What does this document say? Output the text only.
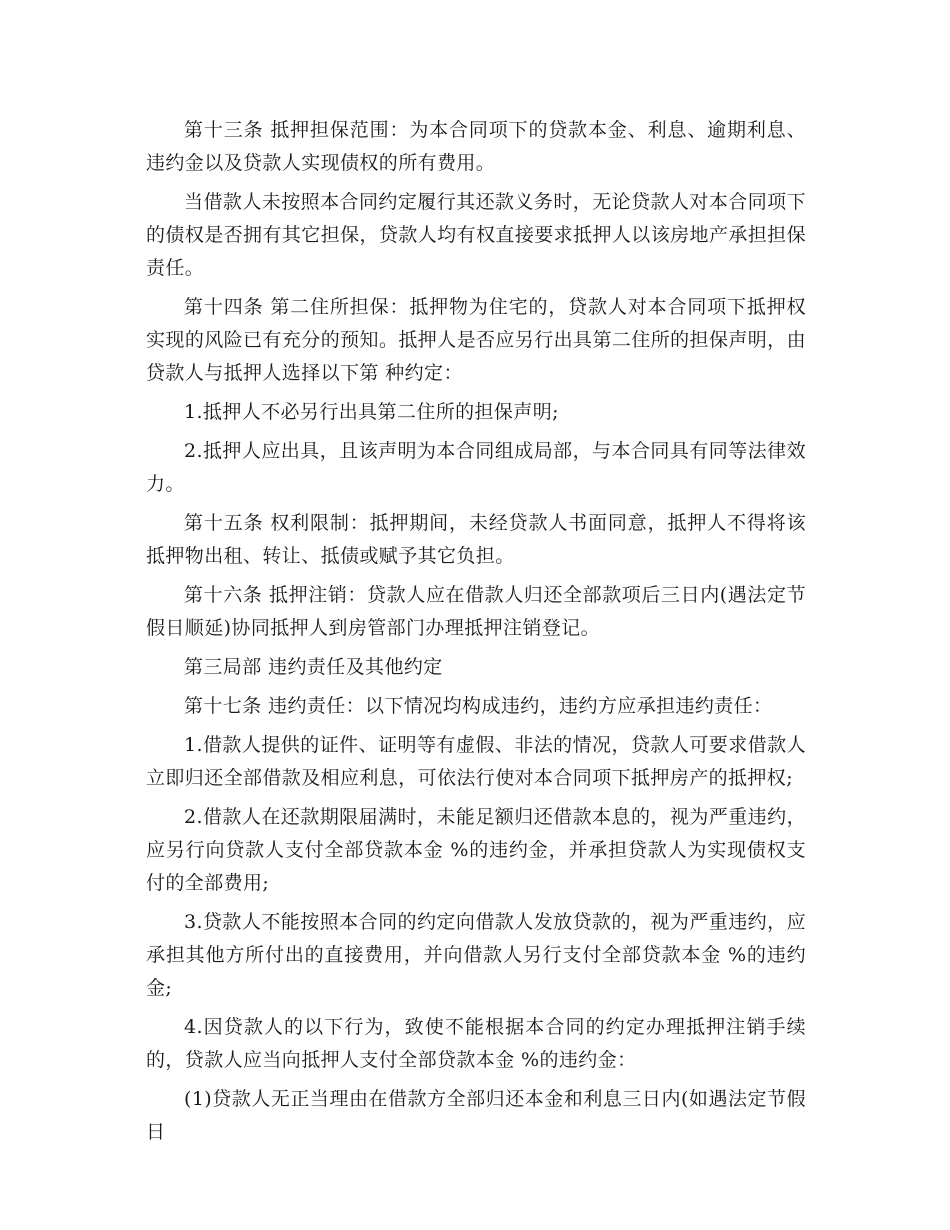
第十三条 抵押担保范围：为本合同项下的贷款本金、利息、逾期利息、违约金以及贷款人实现债权的所有费用。

当借款人未按照本合同约定履行其还款义务时，无论贷款人对本合同项下的债权是否拥有其它担保，贷款人均有权直接要求抵押人以该房地产承担担保责任。

第十四条 第二住所担保：抵押物为住宅的，贷款人对本合同项下抵押权实现的风险已有充分的预知。抵押人是否应另行出具第二住所的担保声明，由贷款人与抵押人选择以下第 种约定：

1.抵押人不必另行出具第二住所的担保声明;

2.抵押人应出具，且该声明为本合同组成局部，与本合同具有同等法律效力。

第十五条 权利限制：抵押期间，未经贷款人书面同意，抵押人不得将该抵押物出租、转让、抵债或赋予其它负担。

第十六条 抵押注销：贷款人应在借款人归还全部款项后三日内(遇法定节假日顺延)协同抵押人到房管部门办理抵押注销登记。

第三局部 违约责任及其他约定

第十七条 违约责任：以下情况均构成违约，违约方应承担违约责任：

1.借款人提供的证件、证明等有虚假、非法的情况，贷款人可要求借款人立即归还全部借款及相应利息，可依法行使对本合同项下抵押房产的抵押权;

2.借款人在还款期限届满时，未能足额归还借款本息的，视为严重违约，应另行向贷款人支付全部贷款本金 %的违约金，并承担贷款人为实现债权支付的全部费用;

3.贷款人不能按照本合同的约定向借款人发放贷款的，视为严重违约，应承担其他方所付出的直接费用，并向借款人另行支付全部贷款本金 %的违约金;

4.因贷款人的以下行为，致使不能根据本合同的约定办理抵押注销手续的，贷款人应当向抵押人支付全部贷款本金 %的违约金：

(1)贷款人无正当理由在借款方全部归还本金和利息三日内(如遇法定节假日
